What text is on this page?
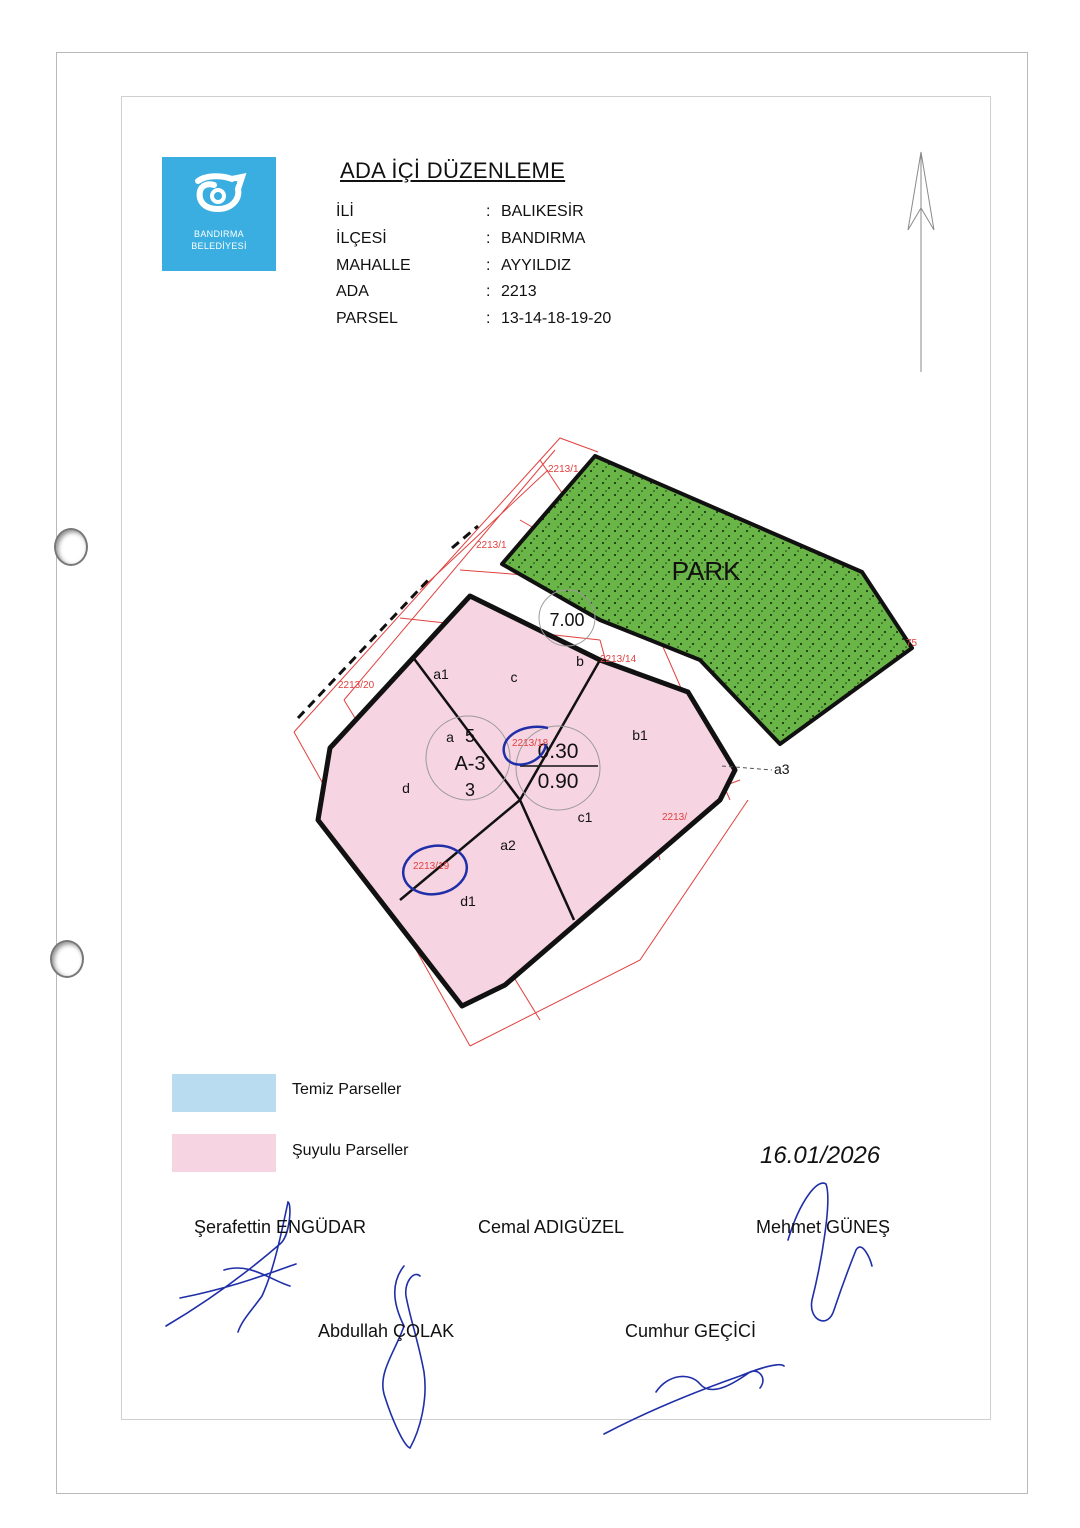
BANDIRMA
BELEDİYESİ
ADA İÇİ DÜZENLEME
İLİ	: BALIKESİR
İLÇESİ	: BANDIRMA
MAHALLE	: AYYILDIZ
ADA	: 2213
PARSEL	: 13-14-18-19-20
PARK
7.00
5
A-3
3
0.30
0.90
a1
a
c
b
b1
d
c1
a2
d1
a3
2213/1
2213/1
2213/20
2213/14
2213/18
2213/19
2213/
75
Temiz Parseller
Şuyulu Parseller	16.01/2026
Şerafettin ENGÜDAR	Cemal ADIGÜZEL	Mehmet GÜNEŞ
Abdullah ÇOLAK	Cumhur GEÇİCİ
